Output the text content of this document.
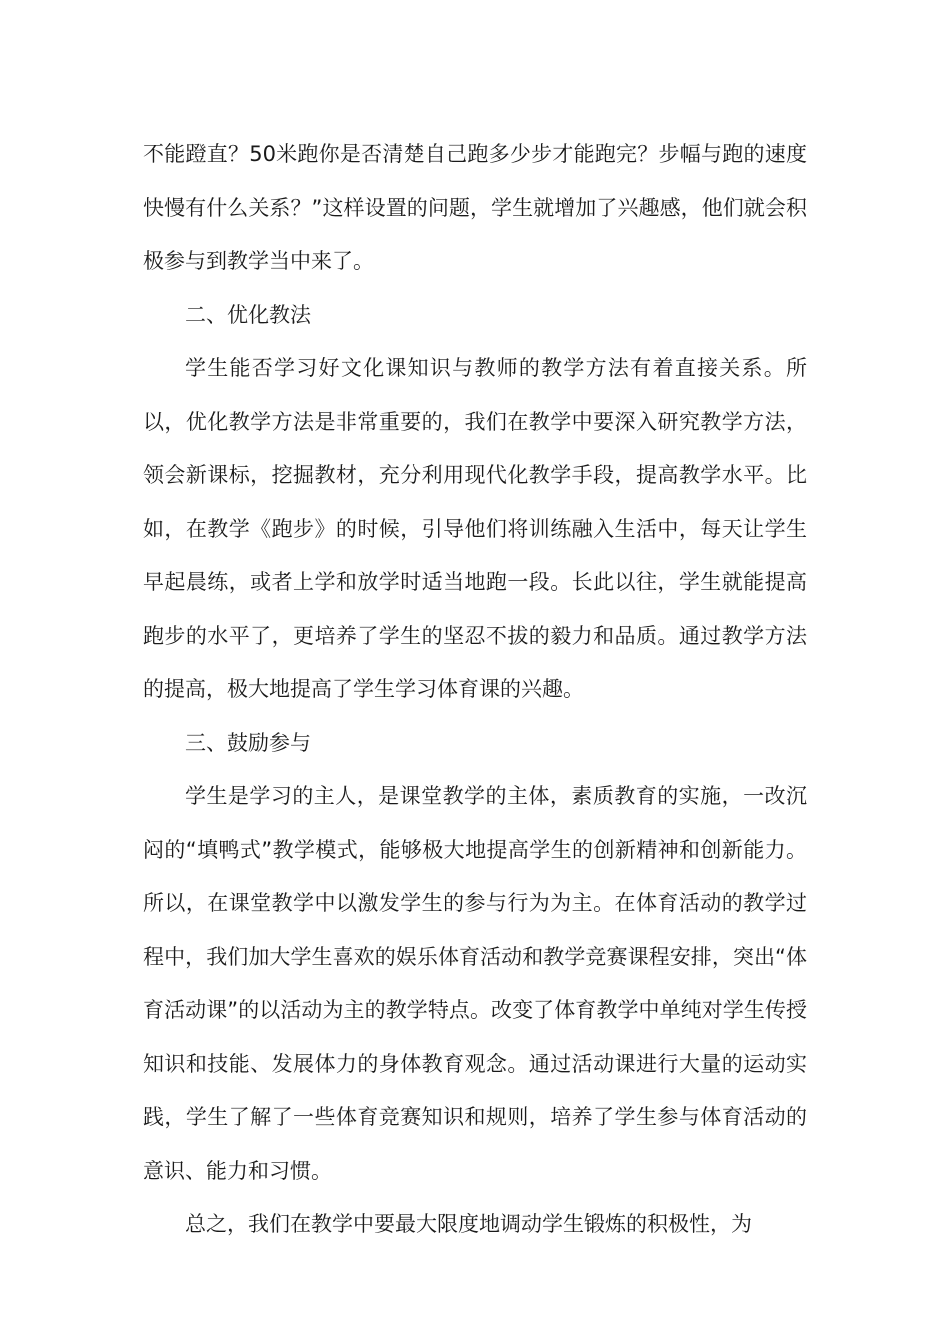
不能蹬直？50米跑你是否清楚自己跑多少步才能跑完？步幅与跑的速度快慢有什么关系？”这样设置的问题，学生就增加了兴趣感，他们就会积极参与到教学当中来了。

二、优化教法

学生能否学习好文化课知识与教师的教学方法有着直接关系。所以，优化教学方法是非常重要的，我们在教学中要深入研究教学方法，领会新课标，挖掘教材，充分利用现代化教学手段，提高教学水平。比如，在教学《跑步》的时候，引导他们将训练融入生活中，每天让学生早起晨练，或者上学和放学时适当地跑一段。长此以往，学生就能提高跑步的水平了，更培养了学生的坚忍不拔的毅力和品质。通过教学方法的提高，极大地提高了学生学习体育课的兴趣。

三、鼓励参与

学生是学习的主人，是课堂教学的主体，素质教育的实施，一改沉闷的“填鸭式”教学模式，能够极大地提高学生的创新精神和创新能力。所以，在课堂教学中以激发学生的参与行为为主。在体育活动的教学过程中，我们加大学生喜欢的娱乐体育活动和教学竞赛课程安排，突出“体育活动课”的以活动为主的教学特点。改变了体育教学中单纯对学生传授知识和技能、发展体力的身体教育观念。通过活动课进行大量的运动实践，学生了解了一些体育竞赛知识和规则，培养了学生参与体育活动的意识、能力和习惯。

总之，我们在教学中要最大限度地调动学生锻炼的积极性，为
